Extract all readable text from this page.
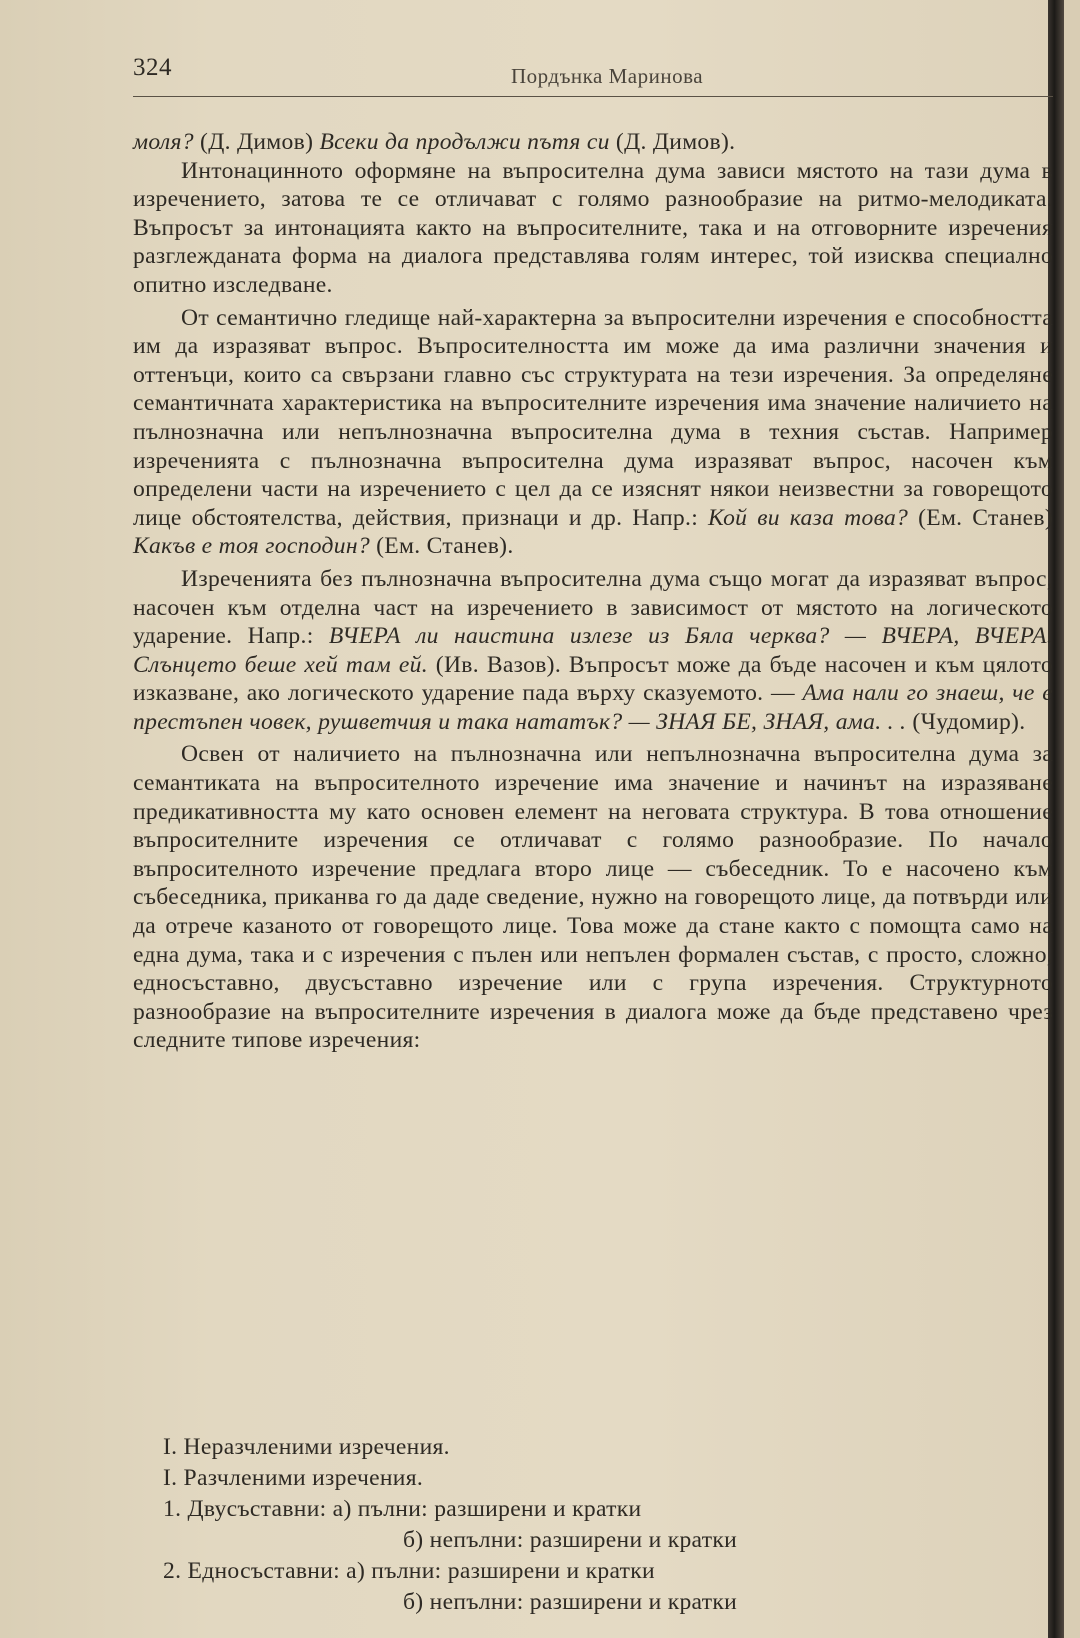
324	Пордънка Маринова

моля? (Д. Димов) Всеки да продължи пътя си (Д. Димов).

Интонацинното оформяне на въпросителна дума зависи мястото на тази дума в изречението, затова те се отличават с голямо разнообразие на ритмо-мелодиката. Въпросът за интонацията както на въпросителните, така и на отговорните изречения разглежданата форма на диалога представлява голям интерес, той изисква специално опитно изследване.

От семантично гледище най-характерна за въпросителни изречения е способността им да изразяват въпрос. Въпросителността им може да има различни значения и оттенъци, които са свързани главно със структурата на тези изречения. За определяне семантичната характеристика на въпросителните изречения има значение наличието на пълнозначна или непълнозначна въпросителна дума в техния състав. Например изреченията с пълнозначна въпросителна дума изразяват въпрос, насочен към определени части на изречението с цел да се изяснят някои неизвестни за говорещото лице обстоятелства, действия, признаци и др. Напр.: Кой ви каза това? (Ем. Станев) Какъв е тоя господин? (Ем. Станев).

Изреченията без пълнозначна въпросителна дума също могат да изразяват въпрос, насочен към отделна част на изречението в зависимост от мястото на логическото ударение. Напр.: ВЧЕРА ли наистина излезе из Бяла черква? — ВЧЕРА, ВЧЕРА. Слънцето беше хей там ей. (Ив. Вазов). Въпросът може да бъде насочен и към цялото изказване, ако логическото ударение пада върху сказуемото. — Ама нали го знаеш, че е престъпен човек, рушветчия и така нататък? — ЗНАЯ БЕ, ЗНАЯ, ама. . . (Чудомир).

Освен от наличието на пълнозначна или непълнозначна въпросителна дума за семантиката на въпросителното изречение има значение и начинът на изразяване предикативността му като основен елемент на неговата структура. В това отношение въпросителните изречения се отличават с голямо разнообразие. По начало въпросителното изречение предлага второ лице — събеседник. То е насочено към събеседника, приканва го да даде сведение, нужно на говорещото лице, да потвърди или да отрече казаното от говорещото лице. Това може да стане както с помощта само на една дума, така и с изречения с пълен или непълен формален състав, с просто, сложно, едносъставно, двусъставно изречение или с група изречения. Структурното разнообразие на въпросителните изречения в диалога може да бъде представено чрез следните типове изречения:

I. Неразчленими изречения.
I. Разчленими изречения.
1. Двусъставни: а) пълни: разширени и кратки
б) непълни: разширени и кратки
2. Едносъставни: а) пълни: разширени и кратки
б) непълни: разширени и кратки
